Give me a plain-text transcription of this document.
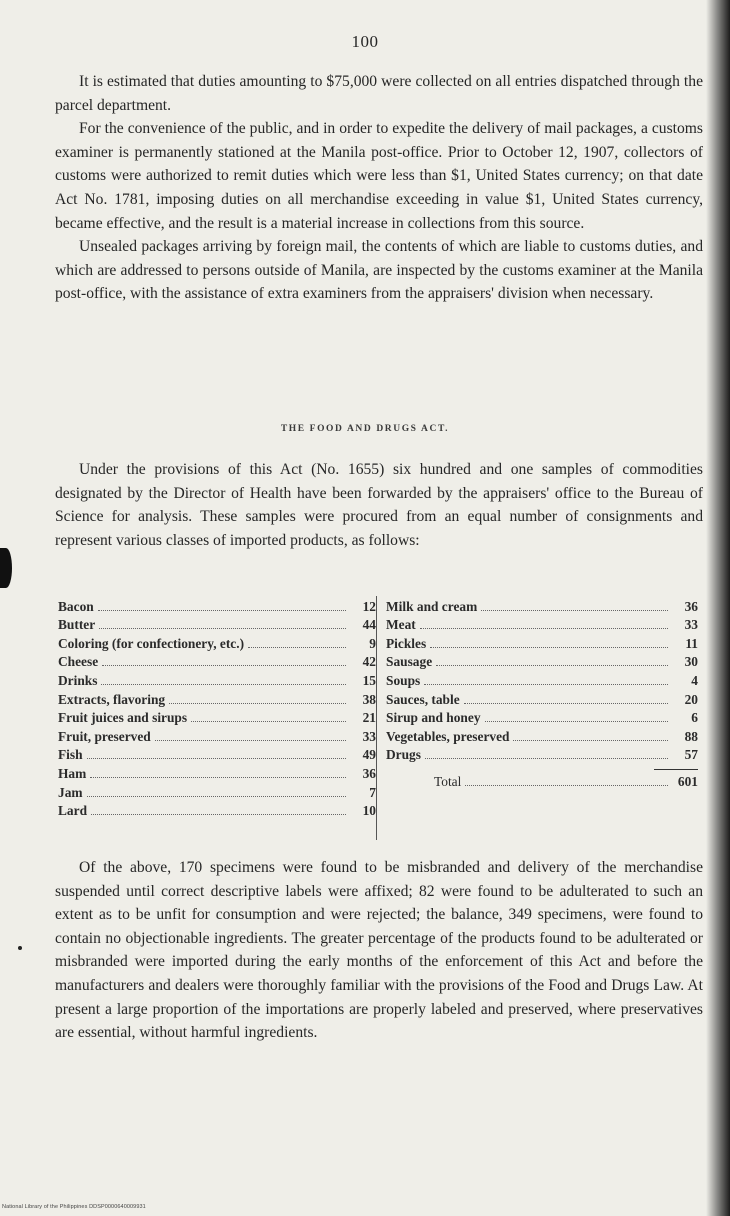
100

It is estimated that duties amounting to $75,000 were collected on all entries dispatched through the parcel department.

For the convenience of the public, and in order to expedite the delivery of mail packages, a customs examiner is permanently stationed at the Manila post-office. Prior to October 12, 1907, collectors of customs were authorized to remit duties which were less than $1, United States currency; on that date Act No. 1781, imposing duties on all merchandise exceeding in value $1, United States currency, became effective, and the result is a material increase in collections from this source.

Unsealed packages arriving by foreign mail, the contents of which are liable to customs duties, and which are addressed to persons outside of Manila, are inspected by the customs examiner at the Manila post-office, with the assistance of extra examiners from the appraisers' division when necessary.

THE FOOD AND DRUGS ACT.

Under the provisions of this Act (No. 1655) six hundred and one samples of commodities designated by the Director of Health have been forwarded by the appraisers' office to the Bureau of Science for analysis. These samples were procured from an equal number of consignments and represent various classes of imported products, as follows:

Bacon	12
Butter	44
Coloring (for confectionery, etc.)	9
Cheese	42
Drinks	15
Extracts, flavoring	38
Fruit juices and sirups	21
Fruit, preserved	33
Fish	49
Ham	36
Jam	7
Lard	10
Milk and cream	36
Meat	33
Pickles	11
Sausage	30
Soups	4
Sauces, table	20
Sirup and honey	6
Vegetables, preserved	88
Drugs	57
Total	601

Of the above, 170 specimens were found to be misbranded and delivery of the merchandise suspended until correct descriptive labels were affixed; 82 were found to be adulterated to such an extent as to be unfit for consumption and were rejected; the balance, 349 specimens, were found to contain no objectionable ingredients. The greater percentage of the products found to be adulterated or misbranded were imported during the early months of the enforcement of this Act and before the manufacturers and dealers were thoroughly familiar with the provisions of the Food and Drugs Law. At present a large proportion of the importations are properly labeled and preserved, where preservatives are essential, without harmful ingredients.

National Library of the Philippines DDSP0000640009931
